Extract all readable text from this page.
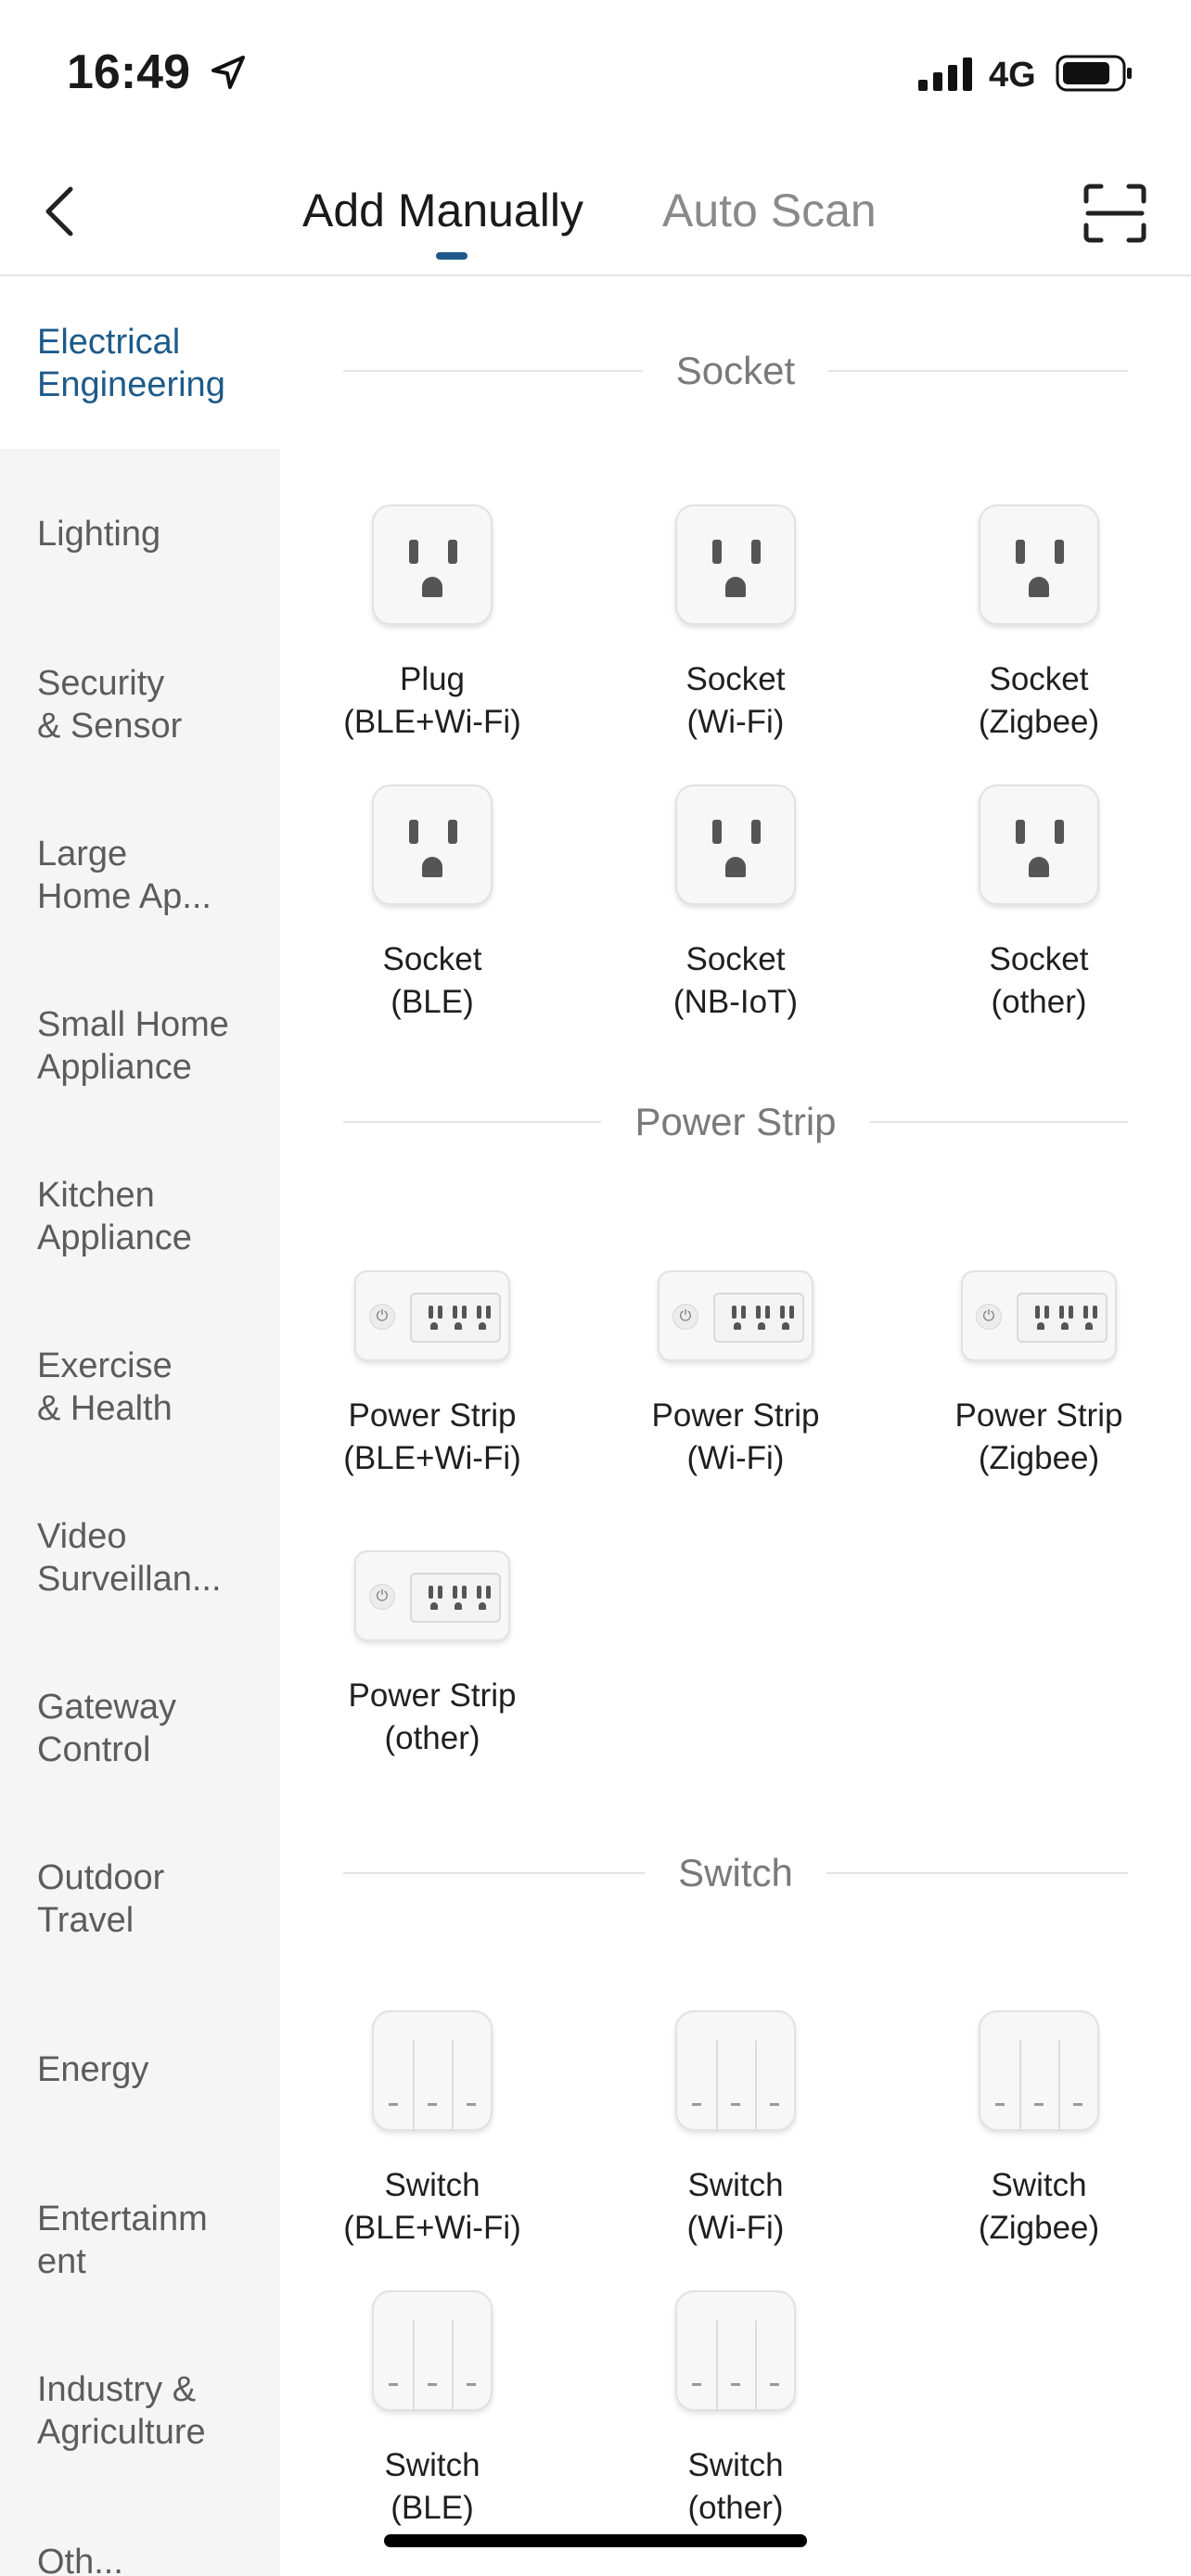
16:49	4G
Add Manually Auto Scan
Electrical
Engineering
Lighting
Security
& Sensor
Large
Home Ap...
Small Home
Appliance
Kitchen
Appliance
Exercise
& Health
Video
Surveillan...
Gateway
Control
Outdoor
Travel
Energy
Entertainm
ent
Industry &
Agriculture
Oth...
Socket
Plug
(BLE+Wi-Fi)
Socket
(Wi-Fi)
Socket
(Zigbee)
Socket
(BLE)
Socket
(NB-IoT)
Socket
(other)
Power Strip
⏻
Power Strip
(BLE+Wi-Fi)
⏻
Power Strip
(Wi-Fi)
⏻
Power Strip
(Zigbee)
⏻
Power Strip
(other)
Switch
Switch
(BLE+Wi-Fi)
Switch
(Wi-Fi)
Switch
(Zigbee)
Switch
(BLE)
Switch
(other)
